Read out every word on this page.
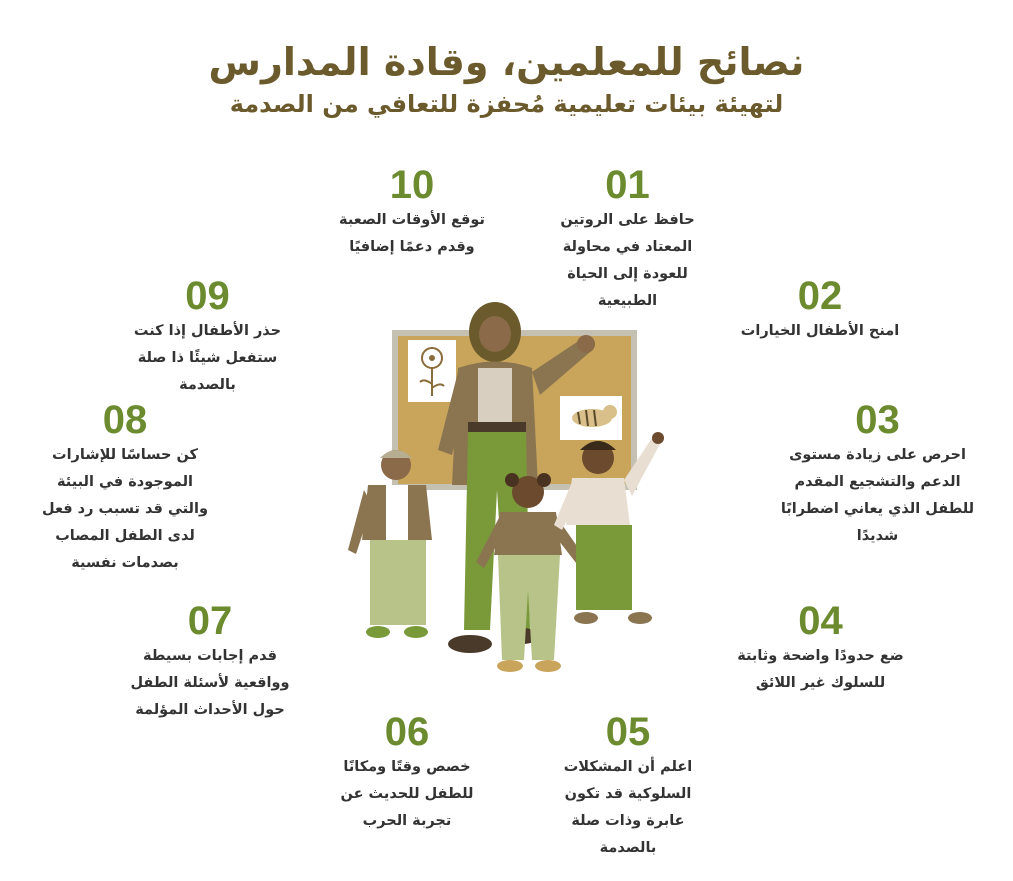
نصائح للمعلمين، وقادة المدارس
لتهيئة بيئات تعليمية مُحفزة للتعافي من الصدمة
01
حافظ على الروتين المعتاد في محاولة للعودة إلى الحياة الطبيعية	02
امنح الأطفال الخيارات
03
احرص على زيادة مستوى الدعم والتشجيع المقدم للطفل الذي يعاني اضطرابًا شديدًا
04
ضع حدودًا واضحة وثابتة للسلوك غير اللائق
05
اعلم أن المشكلات السلوكية قد تكون عابرة وذات صلة بالصدمة
06
خصص وقتًا ومكانًا للطفل للحديث عن تجربة الحرب
07
قدم إجابات بسيطة وواقعية لأسئلة الطفل حول الأحداث المؤلمة
08
كن حساسًا للإشارات الموجودة في البيئة والتي قد تسبب رد فعل لدى الطفل المصاب بصدمات نفسية
09
حذر الأطفال إذا كنت ستفعل شيئًا ذا صلة بالصدمة
10
توقع الأوقات الصعبة وقدم دعمًا إضافيًا
